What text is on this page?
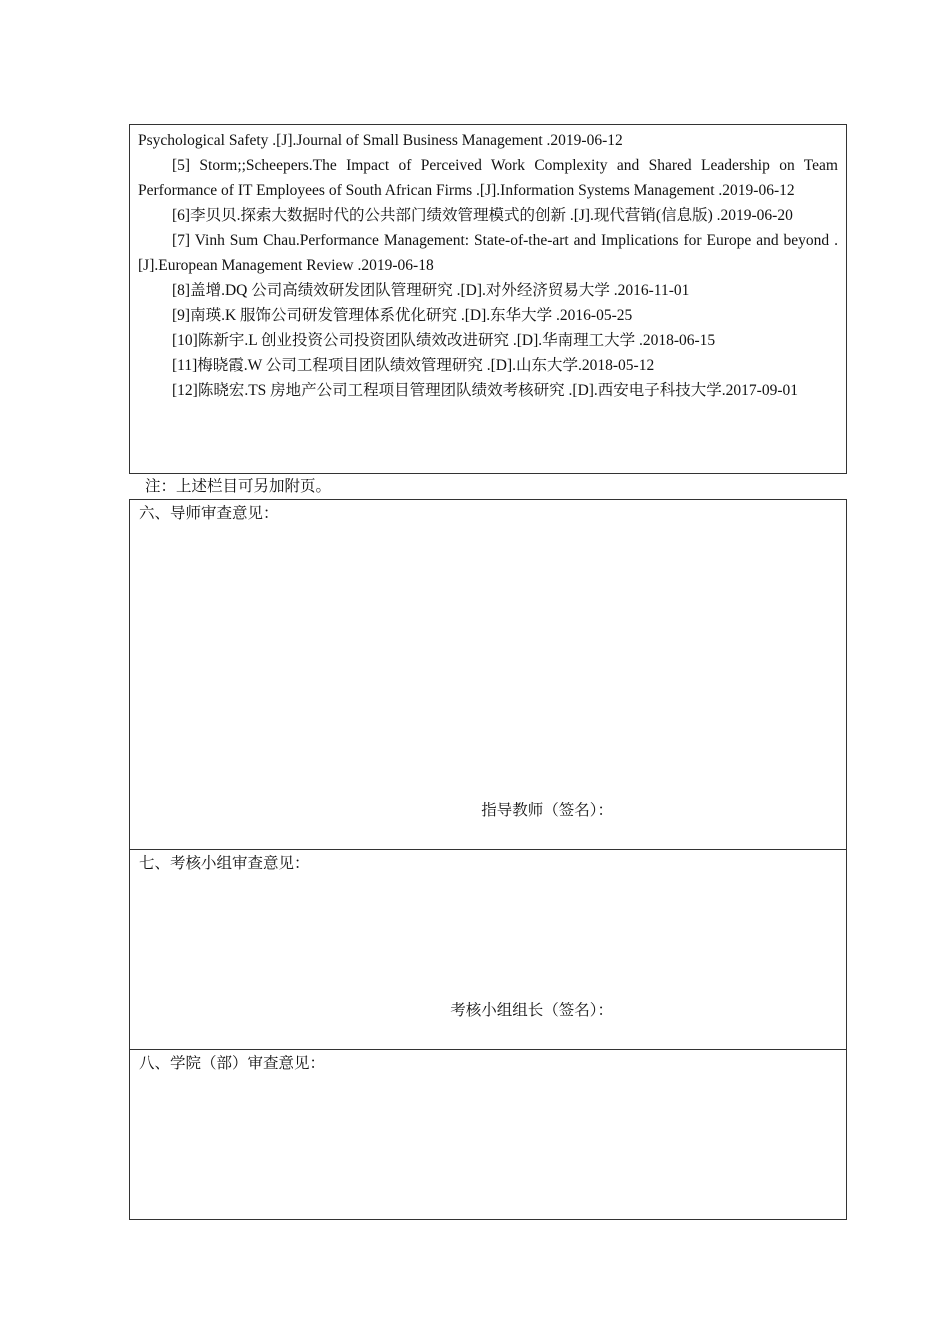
Psychological Safety .[J].Journal of Small Business Management .2019-06-12

[5] Storm;;Scheepers.The Impact of Perceived Work Complexity and Shared Leadership on Team Performance of IT Employees of South African Firms .[J].Information Systems Management .2019-06-12

[6]李贝贝.探索大数据时代的公共部门绩效管理模式的创新 .[J].现代营销(信息版) .2019-06-20

[7] Vinh Sum Chau.Performance Management: State‐of‐the‐art and Implications for Europe and beyond .[J].European Management Review .2019-06-18

[8]盖增.DQ 公司高绩效研发团队管理研究 .[D].对外经济贸易大学 .2016-11-01

[9]南瑛.K 服饰公司研发管理体系优化研究 .[D].东华大学 .2016-05-25

[10]陈新宇.L 创业投资公司投资团队绩效改进研究 .[D].华南理工大学 .2018-06-15

[11]梅晓霞.W 公司工程项目团队绩效管理研究 .[D].山东大学.2018-05-12

[12]陈晓宏.TS 房地产公司工程项目管理团队绩效考核研究 .[D].西安电子科技大学.2017-09-01

注：上述栏目可另加附页。
六、导师审查意见：
指导教师（签名）：
七、考核小组审查意见：
考核小组组长（签名）：
八、学院（部）审查意见：
